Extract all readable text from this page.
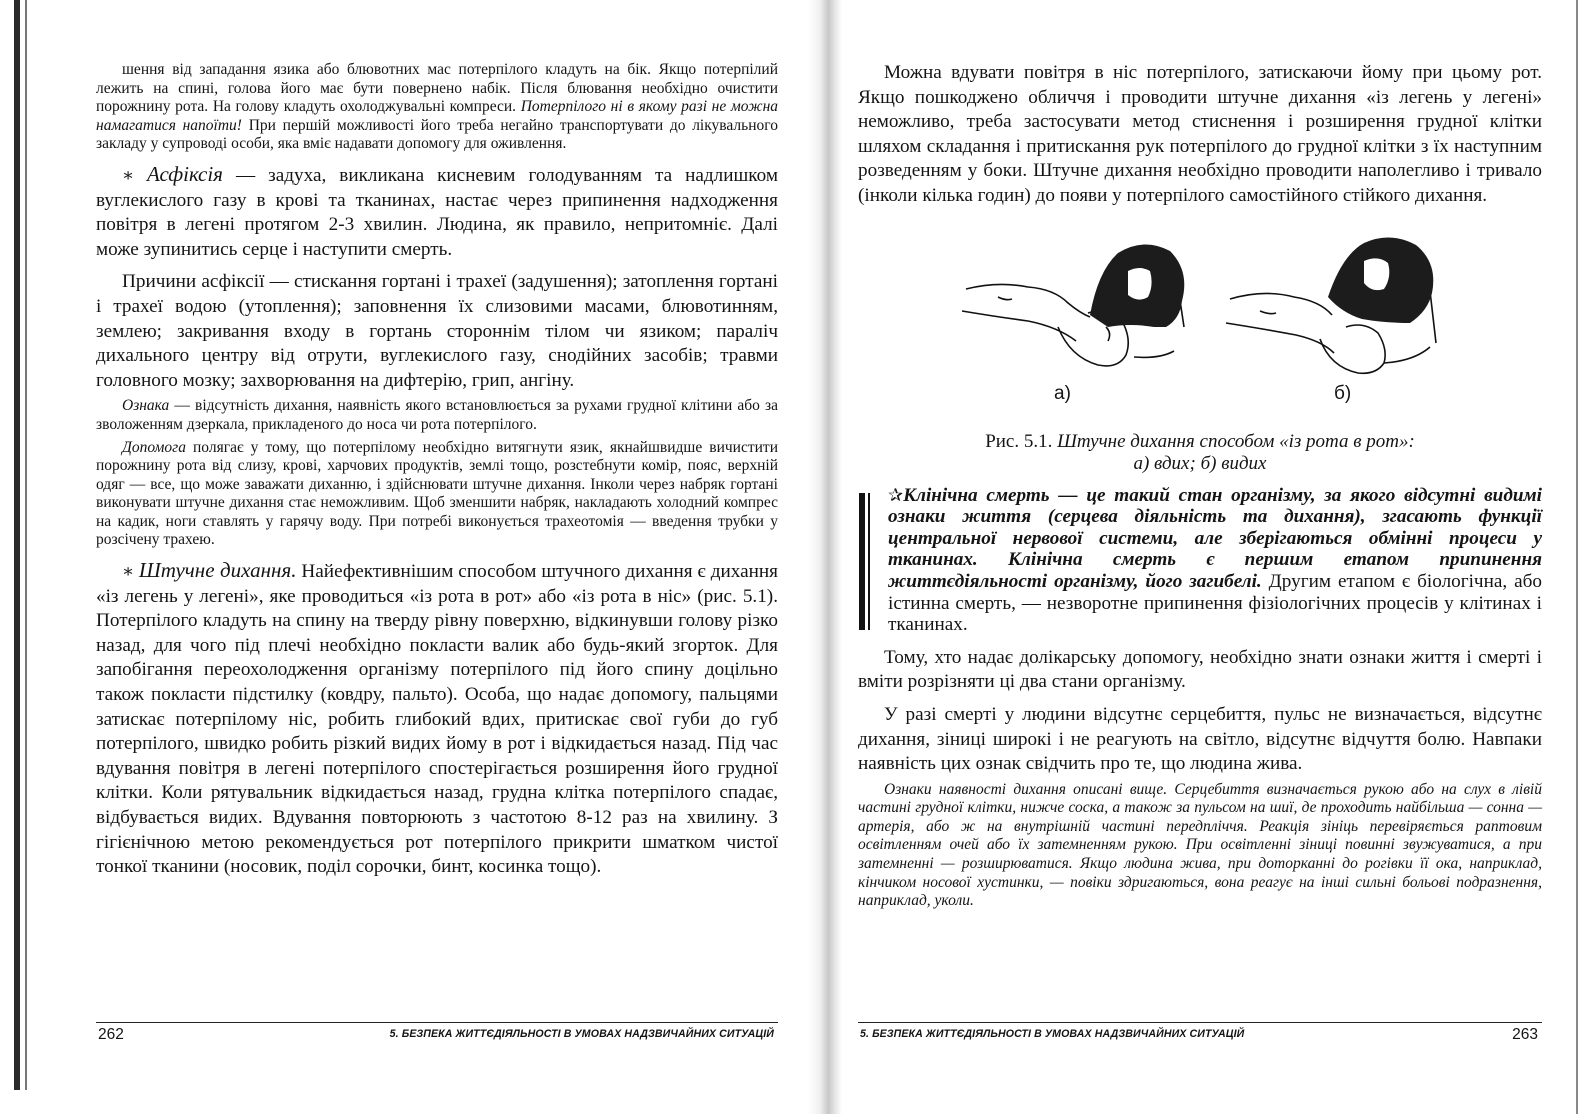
шення від западання язика або блювотних мас потерпілого кладуть на бік. Якщо потерпілий лежить на спині, голова його має бути повернено набік. Після блювання необхідно очистити порожнину рота. На голову кладуть охолоджувальні компреси. Потерпілого ні в якому разі не можна намагатися напоїти! При першій можливості його треба негайно транспортувати до лікувального закладу у супроводі особи, яка вміє надавати допомогу для оживлення.

∗ Асфіксія — задуха, викликана кисневим голодуванням та надлишком вуглекислого газу в крові та тканинах, настає через припинення надходження повітря в легені протягом 2-3 хвилин. Людина, як правило, непритомніє. Далі може зупинитись серце і наступити смерть.

Причини асфіксії — стискання гортані і трахеї (задушення); затоплення гортані і трахеї водою (утоплення); заповнення їх слизовими масами, блювотинням, землею; закривання входу в гортань стороннім тілом чи язиком; параліч дихального центру від отрути, вуглекислого газу, снодійних засобів; травми головного мозку; захворювання на дифтерію, грип, ангіну.

Ознака — відсутність дихання, наявність якого встановлюється за рухами грудної клітини або за зволоженням дзеркала, прикладеного до носа чи рота потерпілого.

Допомога полягає у тому, що потерпілому необхідно витягнути язик, якнайшвидше вичистити порожнину рота від слизу, крові, харчових продуктів, землі тощо, розстебнути комір, пояс, верхній одяг — все, що може заважати диханню, і здійснювати штучне дихання. Інколи через набряк гортані виконувати штучне дихання стає неможливим. Щоб зменшити набряк, накладають холодний компрес на кадик, ноги ставлять у гарячу воду. При потребі виконується трахеотомія — введення трубки у розсічену трахею.

∗ Штучне дихання. Найефективнішим способом штучного дихання є дихання «із легень у легені», яке проводиться «із рота в рот» або «із рота в ніс» (рис. 5.1). Потерпілого кладуть на спину на тверду рівну поверхню, відкинувши голову різко назад, для чого під плечі необхідно покласти валик або будь-який згорток. Для запобігання переохолодження організму потерпілого під його спину доцільно також покласти підстилку (ковдру, пальто). Особа, що надає допомогу, пальцями затискає потерпілому ніс, робить глибокий вдих, притискає свої губи до губ потерпілого, швидко робить різкий видих йому в рот і відкидається назад. Під час вдування повітря в легені потерпілого спостерігається розширення його грудної клітки. Коли рятувальник відкидається назад, грудна клітка потерпілого спадає, відбувається видих. Вдування повторюють з частотою 8-12 раз на хвилину. З гігієнічною метою рекомендується рот потерпілого прикрити шматком чистої тонкої тканини (носовик, поділ сорочки, бинт, косинка тощо).

262	5. БЕЗПЕКА ЖИТТЄДІЯЛЬНОСТІ В УМОВАХ НАДЗВИЧАЙНИХ СИТУАЦІЙ

Можна вдувати повітря в ніс потерпілого, затискаючи йому при цьому рот. Якщо пошкоджено обличчя і проводити штучне дихання «із легень у легені» неможливо, треба застосувати метод стиснення і розширення грудної клітки шляхом складання і притискання рук потерпілого до грудної клітки з їх наступним розведенням у боки. Штучне дихання необхідно проводити наполегливо і тривало (інколи кілька годин) до появи у потерпілого самостійного стійкого дихання.

а)	б)

Рис. 5.1. Штучне дихання способом «із рота в рот»:

а) вдих; б) видих

✰Клінічна смерть — це такий стан організму, за якого відсутні видимі ознаки життя (серцева діяльність та дихання), згасають функції центральної нервової системи, але зберігаються обмінні процеси у тканинах. Клінічна смерть є першим етапом припинення життєдіяльності організму, його загибелі. Другим етапом є біологічна, або істинна смерть, — незворотне припинення фізіологічних процесів у клітинах і тканинах.

Тому, хто надає долікарську допомогу, необхідно знати ознаки життя і смерті і вміти розрізняти ці два стани організму.

У разі смерті у людини відсутнє серцебиття, пульс не визначається, відсутнє дихання, зіниці широкі і не реагують на світло, відсутнє відчуття болю. Навпаки наявність цих ознак свідчить про те, що людина жива.

Ознаки наявності дихання описані вище. Серцебиття визначається рукою або на слух в лівій частині грудної клітки, нижче соска, а також за пульсом на шиї, де проходить найбільша — сонна — артерія, або ж на внутрішній частині передпліччя. Реакція зініць перевіряється раптовим освітленням очей або їх затемненням рукою. При освітленні зіниці повинні звужуватися, а при затемненні — розширюватися. Якщо людина жива, при доторканні до рогівки її ока, наприклад, кінчиком носової хустинки, — повіки здригаються, вона реагує на інші сильні больові подразнення, наприклад, уколи.

5. БЕЗПЕКА ЖИТТЄДІЯЛЬНОСТІ В УМОВАХ НАДЗВИЧАЙНИХ СИТУАЦІЙ	263
